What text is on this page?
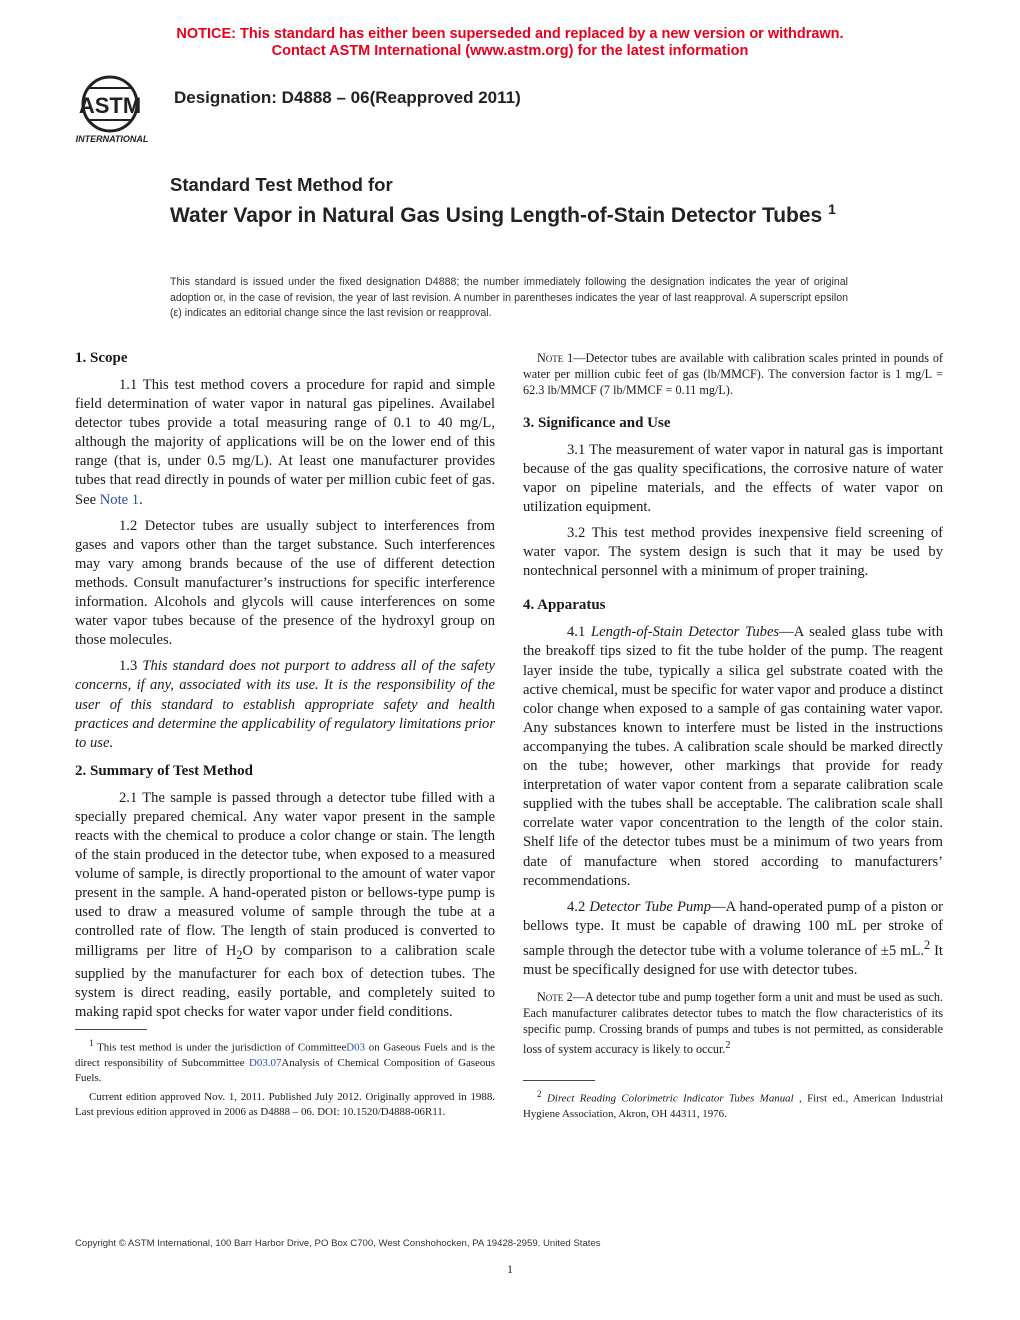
NOTICE: This standard has either been superseded and replaced by a new version or withdrawn.
Contact ASTM International (www.astm.org) for the latest information
ASTM
INTERNATIONAL
Designation: D4888 – 06(Reapproved 2011)
Standard Test Method for
Water Vapor in Natural Gas Using Length-of-Stain Detector Tubes $^1$
This standard is issued under the fixed designation D4888; the number immediately following the designation indicates the year of original adoption or, in the case of revision, the year of last revision. A number in parentheses indicates the year of last reapproval. A superscript epsilon (ε) indicates an editorial change since the last revision or reapproval.
1. Scope

1.1 This test method covers a procedure for rapid and simple field determination of water vapor in natural gas pipelines. Availabel detector tubes provide a total measuring range of 0.1 to 40 mg/L, although the majority of applications will be on the lower end of this range (that is, under 0.5 mg/L). At least one manufacturer provides tubes that read directly in pounds of water per million cubic feet of gas. See Note 1.

1.2 Detector tubes are usually subject to interferences from gases and vapors other than the target substance. Such interferences may vary among brands because of the use of different detection methods. Consult manufacturer’s instructions for specific interference information. Alcohols and glycols will cause interferences on some water vapor tubes because of the presence of the hydroxyl group on those molecules.

1.3 This standard does not purport to address all of the safety concerns, if any, associated with its use. It is the responsibility of the user of this standard to establish appropriate safety and health practices and determine the applicability of regulatory limitations prior to use.

2. Summary of Test Method

2.1 The sample is passed through a detector tube filled with a specially prepared chemical. Any water vapor present in the sample reacts with the chemical to produce a color change or stain. The length of the stain produced in the detector tube, when exposed to a measured volume of sample, is directly proportional to the amount of water vapor present in the sample. A hand-operated piston or bellows-type pump is used to draw a measured volume of sample through the tube at a controlled rate of flow. The length of stain produced is converted to milligrams per litre of $H_2O$ by comparison to a calibration scale supplied by the manufacturer for each box of detection tubes. The system is direct reading, easily portable, and completely suited to making rapid spot checks for water vapor under field conditions.

$^1$ This test method is under the jurisdiction of CommitteeD03 on Gaseous Fuels and is the direct responsibility of Subcommittee D03.07Analysis of Chemical Composition of Gaseous Fuels.

Current edition approved Nov. 1, 2011. Published July 2012. Originally approved in 1988. Last previous edition approved in 2006 as D4888 – 06. DOI: 10.1520/D4888-06R11.

Note 1—Detector tubes are available with calibration scales printed in pounds of water per million cubic feet of gas (lb/MMCF). The conversion factor is 1 mg/L = 62.3 lb/MMCF (7 lb/MMCF = 0.11 mg/L).

3. Significance and Use

3.1 The measurement of water vapor in natural gas is important because of the gas quality specifications, the corrosive nature of water vapor on pipeline materials, and the effects of water vapor on utilization equipment.

3.2 This test method provides inexpensive field screening of water vapor. The system design is such that it may be used by nontechnical personnel with a minimum of proper training.

4. Apparatus

4.1 Length-of-Stain Detector Tubes—A sealed glass tube with the breakoff tips sized to fit the tube holder of the pump. The reagent layer inside the tube, typically a silica gel substrate coated with the active chemical, must be specific for water vapor and produce a distinct color change when exposed to a sample of gas containing water vapor. Any substances known to interfere must be listed in the instructions accompanying the tubes. A calibration scale should be marked directly on the tube; however, other markings that provide for ready interpretation of water vapor content from a separate calibration scale supplied with the tubes shall be acceptable. The calibration scale shall correlate water vapor concentration to the length of the color stain. Shelf life of the detector tubes must be a minimum of two years from date of manufacture when stored according to manufacturers’ recommendations.

4.2 Detector Tube Pump—A hand-operated pump of a piston or bellows type. It must be capable of drawing 100 mL per stroke of sample through the detector tube with a volume tolerance of ±5 mL.$^2$ It must be specifically designed for use with detector tubes.

Note 2—A detector tube and pump together form a unit and must be used as such. Each manufacturer calibrates detector tubes to match the flow characteristics of its specific pump. Crossing brands of pumps and tubes is not permitted, as considerable loss of system accuracy is likely to occur.$^2$

$^2$ Direct Reading Colorimetric Indicator Tubes Manual , First ed., American Industrial Hygiene Association, Akron, OH 44311, 1976.

Copyright © ASTM International, 100 Barr Harbor Drive, PO Box C700, West Conshohocken, PA 19428-2959. United States
1
